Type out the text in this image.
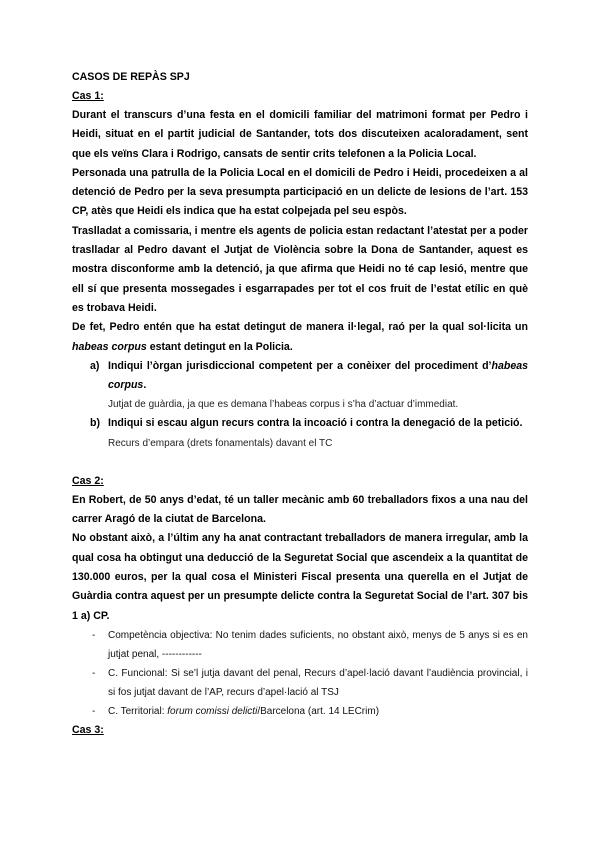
CASOS DE REPÀS SPJ
Cas 1:
Durant el transcurs d’una festa en el domicili familiar del matrimoni format per Pedro i Heidi, situat en el partit judicial de Santander, tots dos discuteixen acaloradament, sent que els veïns Clara i Rodrigo, cansats de sentir crits telefonen a la Policia Local.
Personada una patrulla de la Policia Local en el domicili de Pedro i Heidi, procedeixen a al detenció de Pedro per la seva presumpta participació en un delicte de lesions de l’art. 153 CP, atès que Heidi els indica que ha estat colpejada pel seu espòs.
Traslladat a comissaria, i mentre els agents de policia estan redactant l’atestat per a poder traslladar al Pedro davant el Jutjat de Violència sobre la Dona de Santander, aquest es mostra disconforme amb la detenció, ja que afirma que Heidi no té cap lesió, mentre que ell sí que presenta mossegades i esgarrapades per tot el cos fruit de l’estat etílic en què es trobava Heidi.
De fet, Pedro entén que ha estat detingut de manera il·legal, raó per la qual sol·licita un habeas corpus estant detingut en la Policia.
a) Indiqui l’òrgan jurisdiccional competent per a conèixer del procediment d’habeas corpus.
Jutjat de guàrdia, ja que es demana l’habeas corpus i s’ha d’actuar d’immediat.
b) Indiqui si escau algun recurs contra la incoació i contra la denegació de la petició.
Recurs d’empara (drets fonamentals) davant el TC
Cas 2:
En Robert, de 50 anys d’edat, té un taller mecànic amb 60 treballadors fixos a una nau del carrer Aragó de la ciutat de Barcelona.
No obstant això, a l’últim any ha anat contractant treballadors de manera irregular, amb la qual cosa ha obtingut una deducció de la Seguretat Social que ascendeix a la quantitat de 130.000 euros, per la qual cosa el Ministeri Fiscal presenta una querella en el Jutjat de Guàrdia contra aquest per un presumpte delicte contra la Seguretat Social de l’art. 307 bis 1 a) CP.
- Competència objectiva: No tenim dades suficients, no obstant això, menys de 5 anys si es en jutjat penal, ------------
- C. Funcional: Si se’l jutja davant del penal, Recurs d’apel·lació davant l’audiència provincial, i si fos jutjat davant de l’AP, recurs d’apel·lació al TSJ
- C. Territorial: forum comissi delicti/Barcelona (art. 14 LECrim)
Cas 3:
